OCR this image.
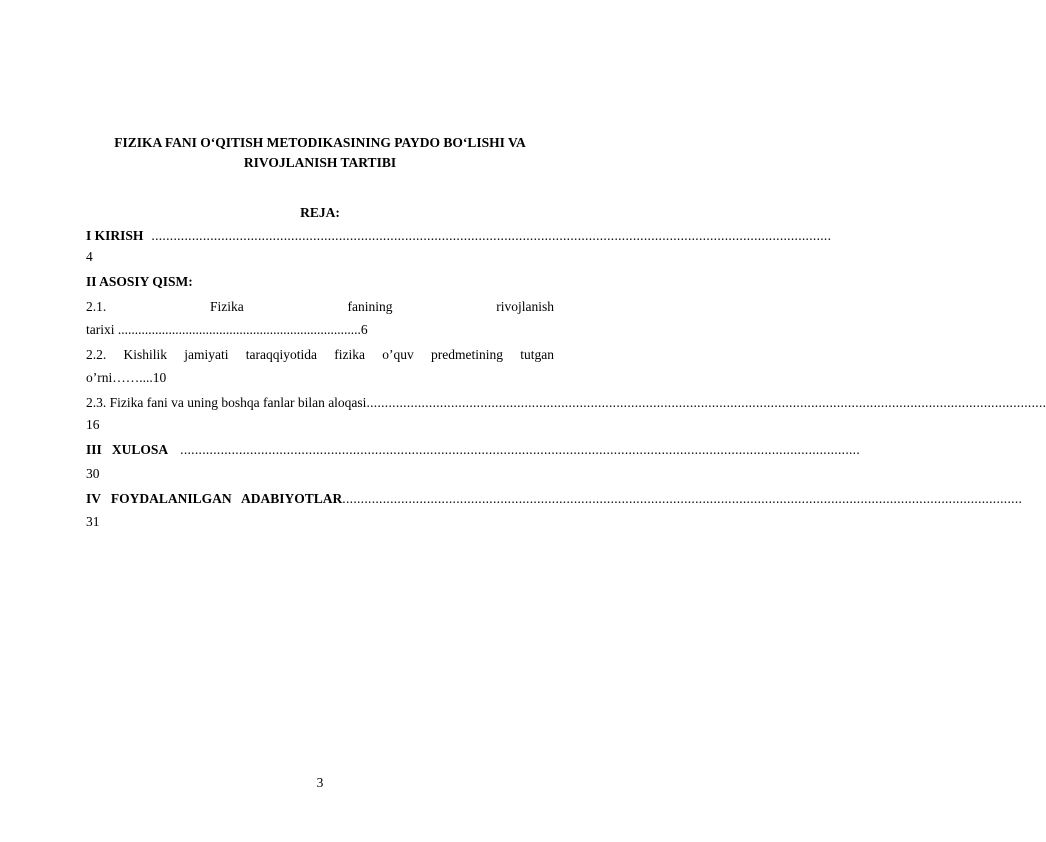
FIZIKA FANI O‘QITISH METODIKASINING PAYDO BO‘LISHI VA
RIVOJLANISH TARTIBI
REJA:
I KIRISH .........................................................................................................................................................................................
4
II ASOSIY QISM:
2.1.	Fizika	fanining	rivojlanish
tarixi ........................................................................6
2.2. Kishilik jamiyati taraqqiyotida fizika o’quv predmetining tutgan
o’rni……....10
2.3. Fizika fani va uning boshqa fanlar bilan aloqasi .........................................................................................................................................................................................
16
III   XULOSA .........................................................................................................................................................................................
30
IV   FOYDALANILGAN   ADABIYOTLAR .........................................................................................................................................................................................
31
3
